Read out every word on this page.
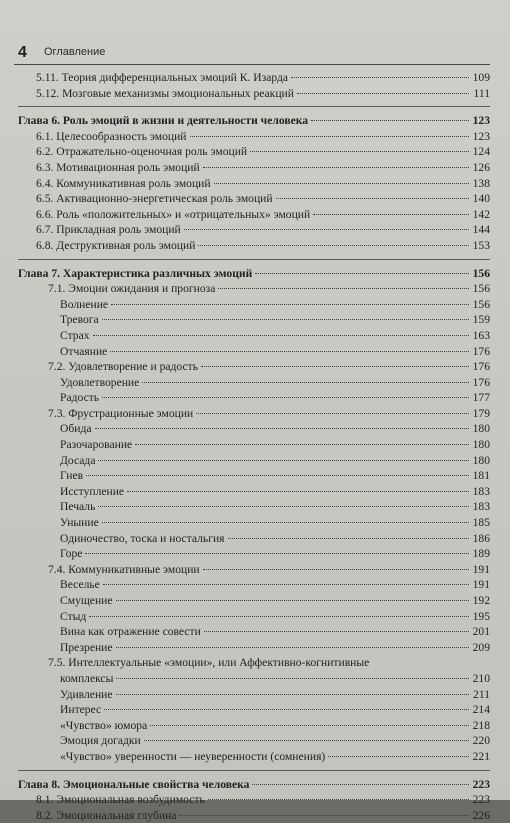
4 Оглавление
5.11. Теория дифференциальных эмоций К. Изарда	109
5.12. Мозговые механизмы эмоциональных реакций	111
Глава 6. Роль эмоций в жизни и деятельности человека	123
6.1. Целесообразность эмоций	123
6.2. Отражательно-оценочная роль эмоций	124
6.3. Мотивационная роль эмоций	126
6.4. Коммуникативная роль эмоций	138
6.5. Активационно-энергетическая роль эмоций	140
6.6. Роль «положительных» и «отрицательных» эмоций	142
6.7. Прикладная роль эмоций	144
6.8. Деструктивная роль эмоций	153
Глава 7. Характеристика различных эмоций	156
7.1. Эмоции ожидания и прогноза	156
Волнение	156
Тревога	159
Страх	163
Отчаяние	176
7.2. Удовлетворение и радость	176
Удовлетворение	176
Радость	177
7.3. Фрустрационные эмоции	179
Обида	180
Разочарование	180
Досада	180
Гнев	181
Исступление	183
Печаль	183
Уныние	185
Одиночество, тоска и ностальгия	186
Горе	189
7.4. Коммуникативные эмоции	191
Веселье	191
Смущение	192
Стыд	195
Вина как отражение совести	201
Презрение	209
7.5. Интеллектуальные «эмоции», или Аффективно-когнитивные
комплексы	210
Удивление	211
Интерес	214
«Чувство» юмора	218
Эмоция догадки	220
«Чувство» уверенности — неуверенности (сомнения)	221
Глава 8. Эмоциональные свойства человека	223
8.1. Эмоциональная возбудимость	223
8.2. Эмоциональная глубина	226
